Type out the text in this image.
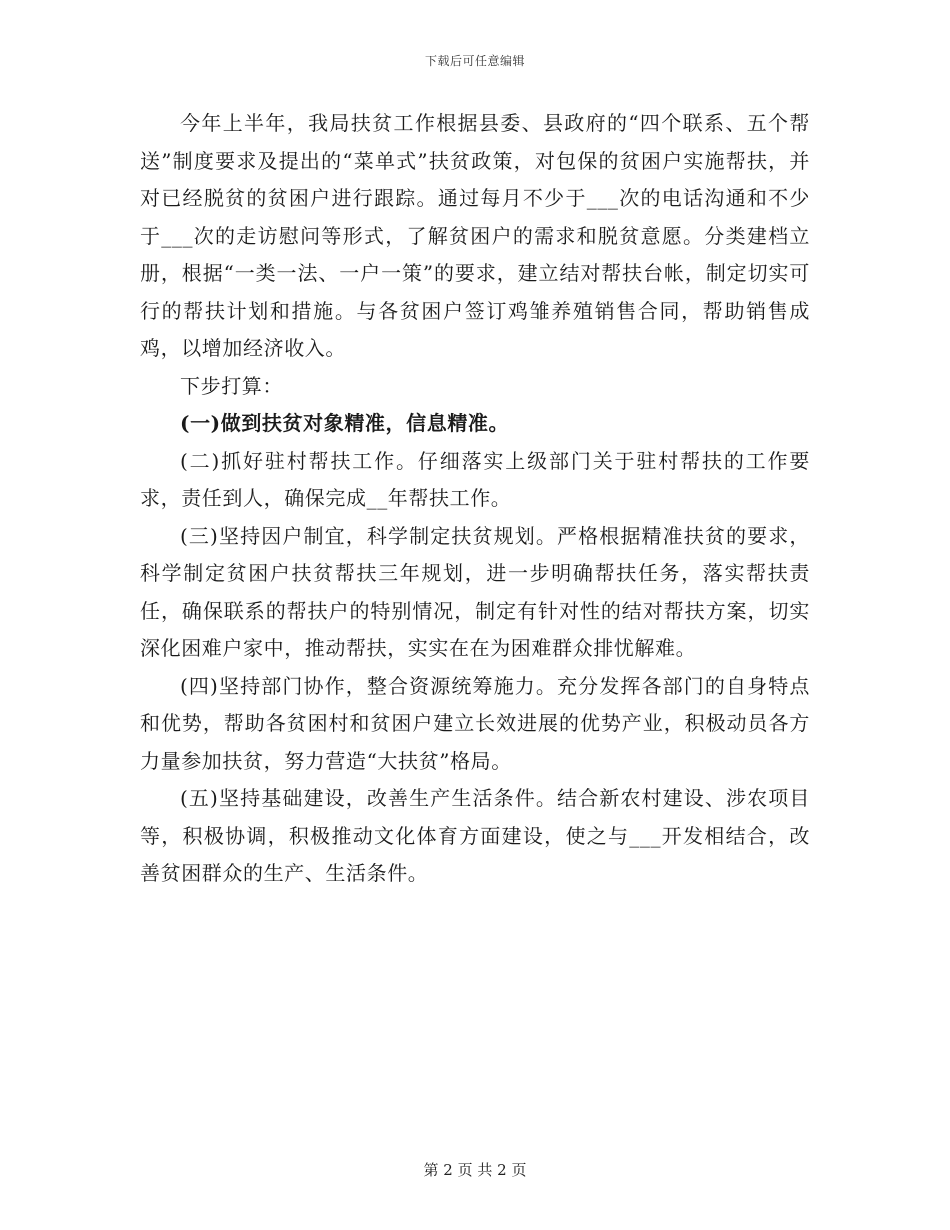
下载后可任意编辑

今年上半年，我局扶贫工作根据县委、县政府的“四个联系、五个帮送”制度要求及提出的“菜单式”扶贫政策，对包保的贫困户实施帮扶，并对已经脱贫的贫困户进行跟踪。通过每月不少于___次的电话沟通和不少于___次的走访慰问等形式，了解贫困户的需求和脱贫意愿。分类建档立册，根据“一类一法、一户一策”的要求，建立结对帮扶台帐，制定切实可行的帮扶计划和措施。与各贫困户签订鸡雏养殖销售合同，帮助销售成鸡，以增加经济收入。

下步打算：

(一)做到扶贫对象精准，信息精准。

(二)抓好驻村帮扶工作。仔细落实上级部门关于驻村帮扶的工作要求，责任到人，确保完成__年帮扶工作。

(三)坚持因户制宜，科学制定扶贫规划。严格根据精准扶贫的要求，科学制定贫困户扶贫帮扶三年规划，进一步明确帮扶任务，落实帮扶责任，确保联系的帮扶户的特别情况，制定有针对性的结对帮扶方案，切实深化困难户家中，推动帮扶，实实在在为困难群众排忧解难。

(四)坚持部门协作，整合资源统筹施力。充分发挥各部门的自身特点和优势，帮助各贫困村和贫困户建立长效进展的优势产业，积极动员各方力量参加扶贫，努力营造“大扶贫”格局。

(五)坚持基础建设，改善生产生活条件。结合新农村建设、涉农项目等，积极协调，积极推动文化体育方面建设，使之与___开发相结合，改善贫困群众的生产、生活条件。

第 2 页 共 2 页
